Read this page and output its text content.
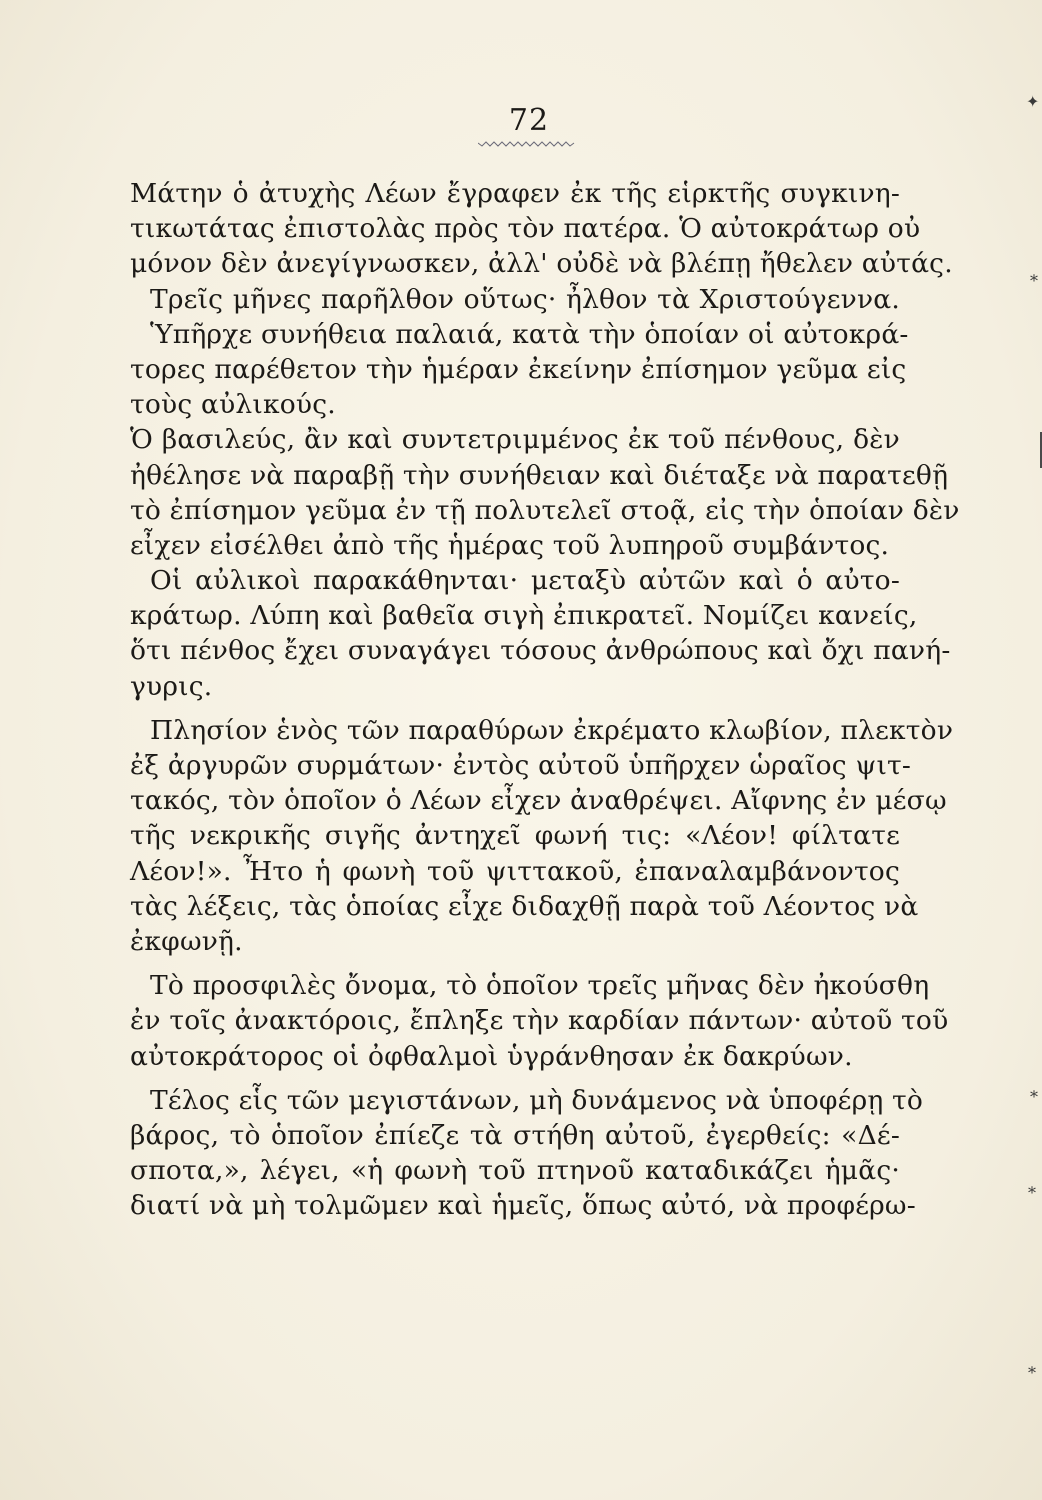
72
Μάτην ὁ ἀτυχὴς Λέων ἔγραφεν ἐκ τῆς εἱρκτῆς συγκινη-
τικωτάτας ἐπιστολὰς πρὸς τὸν πατέρα. Ὁ αὐτοκράτωρ οὐ
μόνον δὲν ἀνεγίγνωσκεν, ἀλλ' οὐδὲ νὰ βλέπῃ ἤθελεν αὐτάς.
Τρεῖς μῆνες παρῆλθον οὕτως· ἦλθον τὰ Χριστούγεννα.
Ὑπῆρχε συνήθεια παλαιά, κατὰ τὴν ὁποίαν οἱ αὐτοκρά-
τορες παρέθετον τὴν ἡμέραν ἐκείνην ἐπίσημον γεῦμα εἰς
τοὺς αὐλικούς.
Ὁ βασιλεύς, ἂν καὶ συντετριμμένος ἐκ τοῦ πένθους, δὲν
ἠθέλησε νὰ παραβῇ τὴν συνήθειαν καὶ διέταξε νὰ παρατεθῇ
τὸ ἐπίσημον γεῦμα ἐν τῇ πολυτελεῖ στοᾷ, εἰς τὴν ὁποίαν δὲν
εἶχεν εἰσέλθει ἀπὸ τῆς ἡμέρας τοῦ λυπηροῦ συμβάντος.
Οἱ αὐλικοὶ παρακάθηνται· μεταξὺ αὐτῶν καὶ ὁ αὐτο-
κράτωρ. Λύπη καὶ βαθεῖα σιγὴ ἐπικρατεῖ. Νομίζει κανείς,
ὅτι πένθος ἔχει συναγάγει τόσους ἀνθρώπους καὶ ὄχι πανή-
γυρις.
Πλησίον ἑνὸς τῶν παραθύρων ἐκρέματο κλωβίον, πλεκτὸν
ἐξ ἀργυρῶν συρμάτων· ἐντὸς αὐτοῦ ὑπῆρχεν ὡραῖος ψιτ-
τακός, τὸν ὁποῖον ὁ Λέων εἶχεν ἀναθρέψει. Αἴφνης ἐν μέσῳ
τῆς νεκρικῆς σιγῆς ἀντηχεῖ φωνή τις: «Λέον! φίλτατε
Λέον!». Ἦτο ἡ φωνὴ τοῦ ψιττακοῦ, ἐπαναλαμβάνοντος
τὰς λέξεις, τὰς ὁποίας εἶχε διδαχθῇ παρὰ τοῦ Λέοντος νὰ
ἐκφωνῇ.
Τὸ προσφιλὲς ὄνομα, τὸ ὁποῖον τρεῖς μῆνας δὲν ἠκούσθη
ἐν τοῖς ἀνακτόροις, ἔπληξε τὴν καρδίαν πάντων· αὐτοῦ τοῦ
αὐτοκράτορος οἱ ὀφθαλμοὶ ὑγράνθησαν ἐκ δακρύων.
Τέλος εἷς τῶν μεγιστάνων, μὴ δυνάμενος νὰ ὑποφέρῃ τὸ
βάρος, τὸ ὁποῖον ἐπίεζε τὰ στήθη αὐτοῦ, ἐγερθείς: «Δέ-
σποτα,», λέγει, «ἡ φωνὴ τοῦ πτηνοῦ καταδικάζει ἡμᾶς·
διατί νὰ μὴ τολμῶμεν καὶ ἡμεῖς, ὅπως αὐτό, νὰ προφέρω-
✦
⁎
⁎
⁎
⁎
